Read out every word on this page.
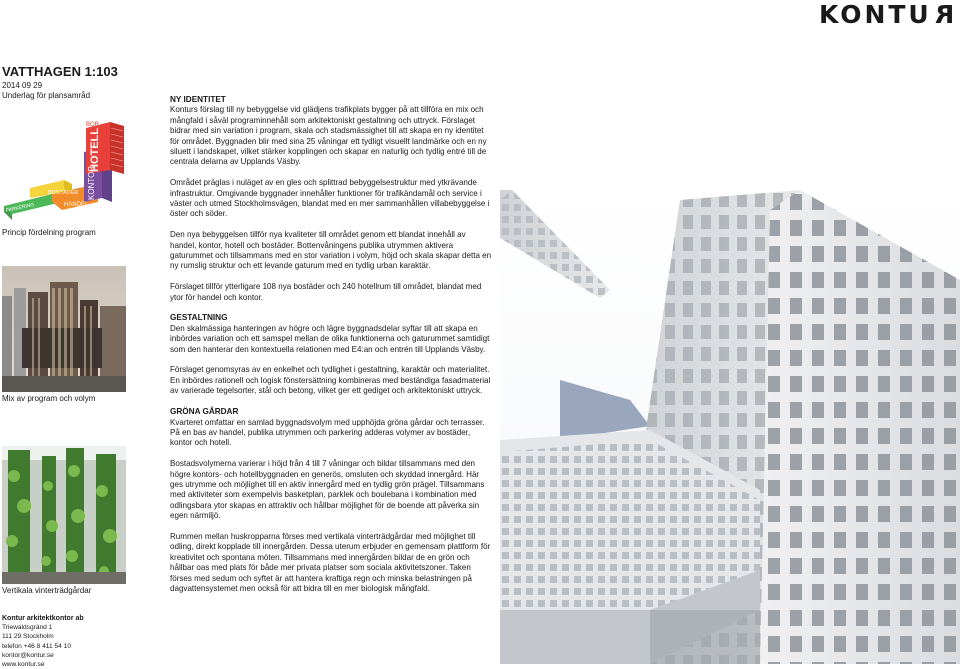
KONTUR
VATTHAGEN 1:103
2014 09 29
Underlag för plansamråd
BOR
HOTELL
KONTOR
BOSTÄDER
HANDEL
PARKERING
Princip fördelning program
Mix av program och volym
Vertikala vinterträdgårdar
NY IDENTITET

Konturs förslag till ny bebyggelse vid glädjens trafikplats bygger på att tillföra en mix och mångfald i såväl programinnehåll som arkitektoniskt gestaltning och uttryck. Förslaget bidrar med sin variation i program, skala och stadsmässighet till att skapa en ny identitet för området. Byggnaden blir med sina 25 våningar ett tydligt visuellt landmärke och en ny siluett i landskapet, vilket stärker kopplingen och skapar en naturlig och tydlig entré till de centrala delarna av Upplands Väsby.

Området präglas i nuläget av en gles och splittrad bebyggelsestruktur med ytkrävande infrastruktur. Omgivande byggnader innehåller funktioner för trafikändamål och service i väster och utmed Stockholmsvägen, blandat med en mer sammanhållen villabebyggelse i öster och söder.

Den nya bebyggelsen tillför nya kvaliteter till området genom ett blandat innehåll av handel, kontor, hotell och bostäder. Bottenvåningens publika utrymmen aktivera gaturummet och tillsammans med en stor variation i volym, höjd och skala skapar detta en ny rumslig struktur och ett levande gaturum med en tydlig urban karaktär.

Förslaget tillför ytterligare 108 nya bostäder och 240 hotellrum till området, blandat med ytor för handel och kontor.

GESTALTNING

Den skalmässiga hanteringen av högre och lägre byggnadsdelar syftar till att skapa en inbördes variation och ett samspel mellan de olika funktionerna och gaturummet samtidigt som den hanterar den kontextuella relationen med E4:an och entrén till Upplands Väsby.

Förslaget genomsyras av en enkelhet och tydlighet i gestaltning, karaktär och materialitet. En inbördes rationell och logisk fönstersättning kombineras med beständiga fasadmaterial av varierade tegelsorter, stål och betong, vilket ger ett gediget och arkitektoniskt uttryck.

GRÖNA GÅRDAR

Kvarteret omfattar en samlad byggnadsvolym med upphöjda gröna gårdar och terrasser. På en bas av handel, publika utrymmen och parkering adderas volymer av bostäder, kontor och hotell.

Bostadsvolymerna varierar i höjd från 4 till 7 våningar och bildar tillsammans med den högre kontors- och hotellbyggnaden en generös, omsluten och skyddad innergård. Här ges utrymme och möjlighet till en aktiv innergård med en tydlig grön prägel. Tillsammans med aktiviteter som exempelvis basketplan, parklek och boulebana i kombination med odlingsbara ytor skapas en attraktiv och hållbar möjlighet för de boende att påverka sin egen närmiljö.

Rummen mellan huskropparna förses med vertikala vinterträdgårdar med möjlighet till odling, direkt kopplade till innergården. Dessa uterum erbjuder en gemensam plattform för kreativitet och spontana möten. Tillsammans med innergården bildar de en grön och hållbar oas med plats för både mer privata platser som sociala aktivitetszoner. Taken förses med sedum och syftet är att hantera kraftiga regn och minska belastningen på dagvattensystemet men också för att bidra till en mer biologisk mångfald.

Kontur arkitektkontor ab
Triewaldsgränd 1
111 29 Stockholm
telefon +46 8 411 54 10
kontor@kontur.se
www.kontur.se
